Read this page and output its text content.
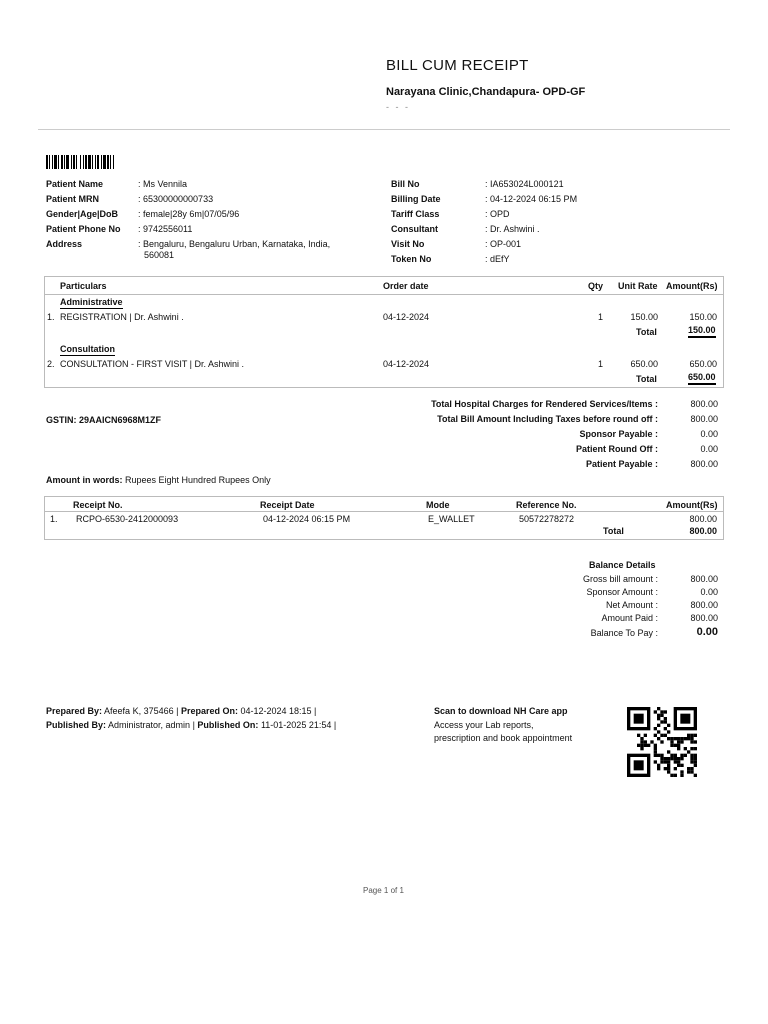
BILL CUM RECEIPT
Narayana Clinic,Chandapura- OPD-GF
- - -
Patient Name	: Ms Vennila
Patient MRN	: 65300000000733
Gender|Age|DoB : female|28y 6m|07/05/96
Patient Phone No : 9742556011
Address	: Bengaluru, Bengaluru Urban, Karnataka, India,
560081
Bill No	: IA653024L000121
Billing Date	: 04-12-2024 06:15 PM
Tariff Class	: OPD
Consultant	: Dr. Ashwini .
Visit No	: OP-001
Token No	: dEfY
Particulars	Order date	Qty Unit Rate Amount(Rs)
Administrative
1. REGISTRATION | Dr. Ashwini .	04-12-2024	1	150.00	150.00
Total	150.00
Consultation
2. CONSULTATION - FIRST VISIT | Dr. Ashwini .	04-12-2024	1	650.00	650.00
Total	650.00
GSTIN: 29AAICN6968M1ZF
Total Hospital Charges for Rendered Services/Items :	800.00
Total Bill Amount Including Taxes before round off :	800.00
Sponsor Payable :	0.00
Patient Round Off :	0.00
Patient Payable :	800.00
Amount in words: Rupees Eight Hundred Rupees Only
Receipt No.	Receipt Date	Mode	Reference No.	Amount(Rs)
1. RCPO-6530-2412000093	04-12-2024 06:15 PM	E_WALLET	50572278272	800.00
Total	800.00
Balance Details
Gross bill amount :	800.00
Sponsor Amount :	0.00
Net Amount :	800.00
Amount Paid :	800.00
Balance To Pay :	0.00
Prepared By: Afeefa K, 375466 | Prepared On: 04-12-2024 18:15 |
Published By: Administrator, admin | Published On: 11-01-2025 21:54 |
Scan to download NH Care app
Access your Lab reports,
prescription and book appointment
Page 1 of 1
